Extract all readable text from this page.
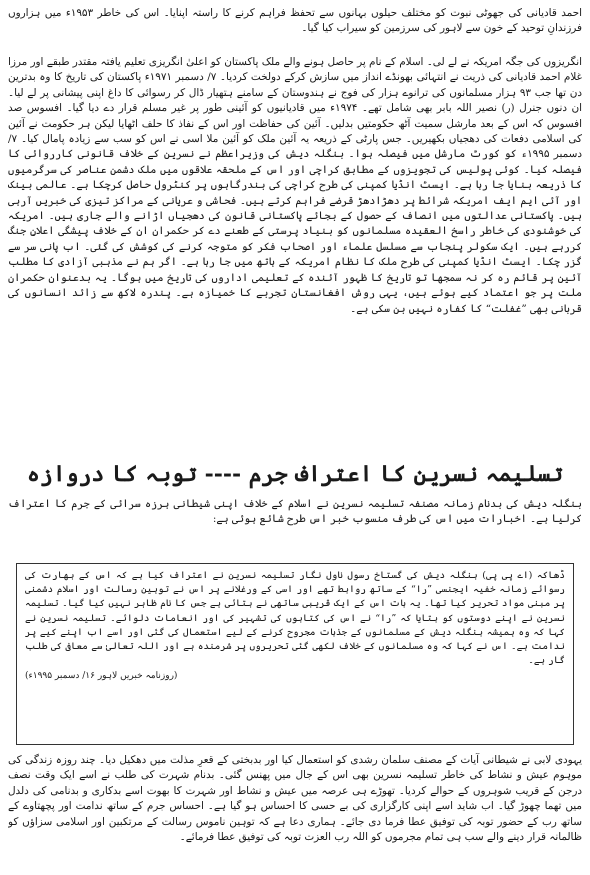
احمد قادیانی کی جھوٹی نبوت کو مختلف حیلوں بہانوں سے تحفظ فراہم کرنے کا راستہ اپنایا۔ اس کی خاطر ۱۹۵۳ء میں ہزاروں فرزندانِ توحید کے خون سے لاہور کی سرزمین کو سیراب کیا گیا۔

انگریزوں کی جگہ امریکہ نے لے لی۔ اسلام کے نام پر حاصل ہونے والے ملک پاکستان کو اعلیٰ انگریزی تعلیم یافتہ مقتدر طبقے اور مرزا غلام احمد قادیانی کی ذریت نے انتہائی بھونڈے انداز میں سازش کرکے دولخت کردیا۔ ۷/ دسمبر ۱۹۷۱ء پاکستان کی تاریخ کا وہ بدترین دن تھا جب ۹۳ ہزار مسلمانوں کی ترانوے ہزار کی فوج نے ہندوستان کے سامنے ہتھیار ڈال کر رسوائی کا داغ اپنی پیشانی پر لے لیا۔ ان دنوں جنرل (ر) نصیر اللہ بابر بھی شامل تھے۔ ۱۹۷۴ء میں قادیانیوں کو آئینی طور پر غیر مسلم قرار دے دیا گیا۔ افسوس صد افسوس کہ اس کے بعد مارشل سمیت آٹھ حکومتیں بدلیں۔ آئین کی حفاظت اور اس کے نفاذ کا حلف اٹھایا لیکن ہر حکومت نے آئین کی اسلامی دفعات کی دھجیاں بکھیریں۔ جس پارٹی کے ذریعہ یہ آئین ملک کو آئین ملا اسی نے اس کو سب سے زیادہ پامال کیا۔ ۷/ دسمبر ۱۹۹۵ء کو کورٹ مارشل میں فیصلہ ہوا۔ بنگلہ دیش کی وزیراعظم نے نسرین کے خلاف قانونی کارروائی کا فیصلہ کیا۔ کوئی پولیس کی تجویزوں کے مطابق کراچی اور اس کے ملحقہ علاقوں میں ملک دشمن عناصر کی سرگرمیوں کا ذریعہ بنایا جا رہا ہے۔ ایسٹ انڈیا کمپنی کی طرح کراچی کی بندرگاہوں پر کنٹرول حاصل کرچکا ہے۔ عالمی بینک اور آئی ایم ایف امریکہ شرائط پر دھڑادھڑ قرضے فراہم کرتے ہیں۔ فحاشی و عریانی کے مراکز تیزی کی خبریں آرہی ہیں۔ پاکستانی عدالتوں میں انصاف کے حصول کے بجائے پاکستانی قانون کی دھجیاں اڑانے والے جاری ہیں۔ امریکہ کی خوشنودی کی خاطر راسخ العقیدہ مسلمانوں کو بنیاد پرستی کے طعنے دے کر حکمران ان کے خلاف پیشگی اعلانِ جنگ کررہے ہیں۔ ایک سکولر پنجاب سے مسلسل علماء اور اصحاب فکر کو متوجہ کرنے کی کوشش کی گئی۔ اب پانی سر سے گزر چکا۔ ایسٹ انڈیا کمپنی کی طرح ملک کا نظام امریکہ کے ہاتھ میں جا رہا ہے۔ اگر ہم نے مذہبی آزادی کا مطلب آئین پر قائم رہ کر نہ سمجھا تو تاریخ کا ظہور آئندہ کے تعلیمی اداروں کی تاریخ میں ہوگا۔ یہ بدعنوان حکمران ملت پر جو اعتماد کیے ہوئے ہیں، یہی روش افغانستان تجربے کا خمیازہ ہے۔ پندرہ لاکھ سے زائد انسانوں کی قربانی بھی ”غفلت“ کا کفارہ نہیں بن سکی ہے۔

تسلیمہ نسرین کا اعتراف جرم ---- توبہ کا دروازہ

بنگلہ دیش کی بدنام زمانہ مصنفہ تسلیمہ نسرین نے اسلام کے خلاف اپنی شیطانی ہرزہ سرائی کے جرم کا اعتراف کرلیا ہے۔ اخبارات میں اس کی طرف منسوب خبر اس طرح شائع ہوئی ہے:

ڈھاکہ (اے پی پی) بنگلہ دیش کی گستاخ رسول ناول نگار تسلیمہ نسرین نے اعتراف کیا ہے کہ اس کے بھارت کی رسوائے زمانہ خفیہ ایجنسی ”را“ کے ساتھ روابط تھے اور اسی کے ورغلانے پر اس نے توہین رسالت اور اسلام دشمنی پر مبنی مواد تحریر کیا تھا۔ یہ بات اس کے ایک قریبی ساتھی نے بتائی ہے جس کا نام ظاہر نہیں کیا گیا۔ تسلیمہ نسرین نے اپنے دوستوں کو بتایا کہ ”را“ نے اس کی کتابوں کی تشہیر کی اور انعامات دلوائے۔ تسلیمہ نسرین نے کہا کہ وہ ہمیشہ بنگلہ دیش کے مسلمانوں کے جذبات مجروح کرنے کے لیے استعمال کی گئی اور اسے اب اپنے کیے پر ندامت ہے۔ اس نے کہا کہ وہ مسلمانوں کے خلاف لکھی گئی تحریروں پر شرمندہ ہے اور اللہ تعالیٰ سے معافی کی طلب گار ہے۔

(روزنامہ خبریں لاہور ۱۶/ دسمبر ۱۹۹۵ء)

یہودی لابی نے شیطانی آیات کے مصنف سلمان رشدی کو استعمال کیا اور بدبختی کے قعرِ مذلت میں دھکیل دیا۔ چند روزہ زندگی کی موہوم عیش و نشاط کی خاطر تسلیمہ نسرین بھی اس کے جال میں پھنس گئی۔ بدنام شہرت کی طلب نے اسے ایک وقت نصف درجن کے قریب شوہروں کے حوالے کردیا۔ تھوڑے ہی عرصہ میں عیش و نشاط اور شہرت کا بھوت اسے بدکاری و بدنامی کی دلدل میں تھما چھوڑ گیا۔ اب شاید اسے اپنی کارگزاری کی بے حسی کا احساس ہو گیا ہے۔ احساس جرم کے ساتھ ندامت اور پچھتاوے کے ساتھ رب کے حضور توبہ کی توفیق عطا فرما دی جائے۔ ہماری دعا ہے کہ توہین ناموس رسالت کے مرتکبین اور اسلامی سزاؤں کو ظالمانہ قرار دینے والے سب ہی تمام مجرموں کو اللہ رب العزت توبہ کی توفیق عطا فرمائے۔
